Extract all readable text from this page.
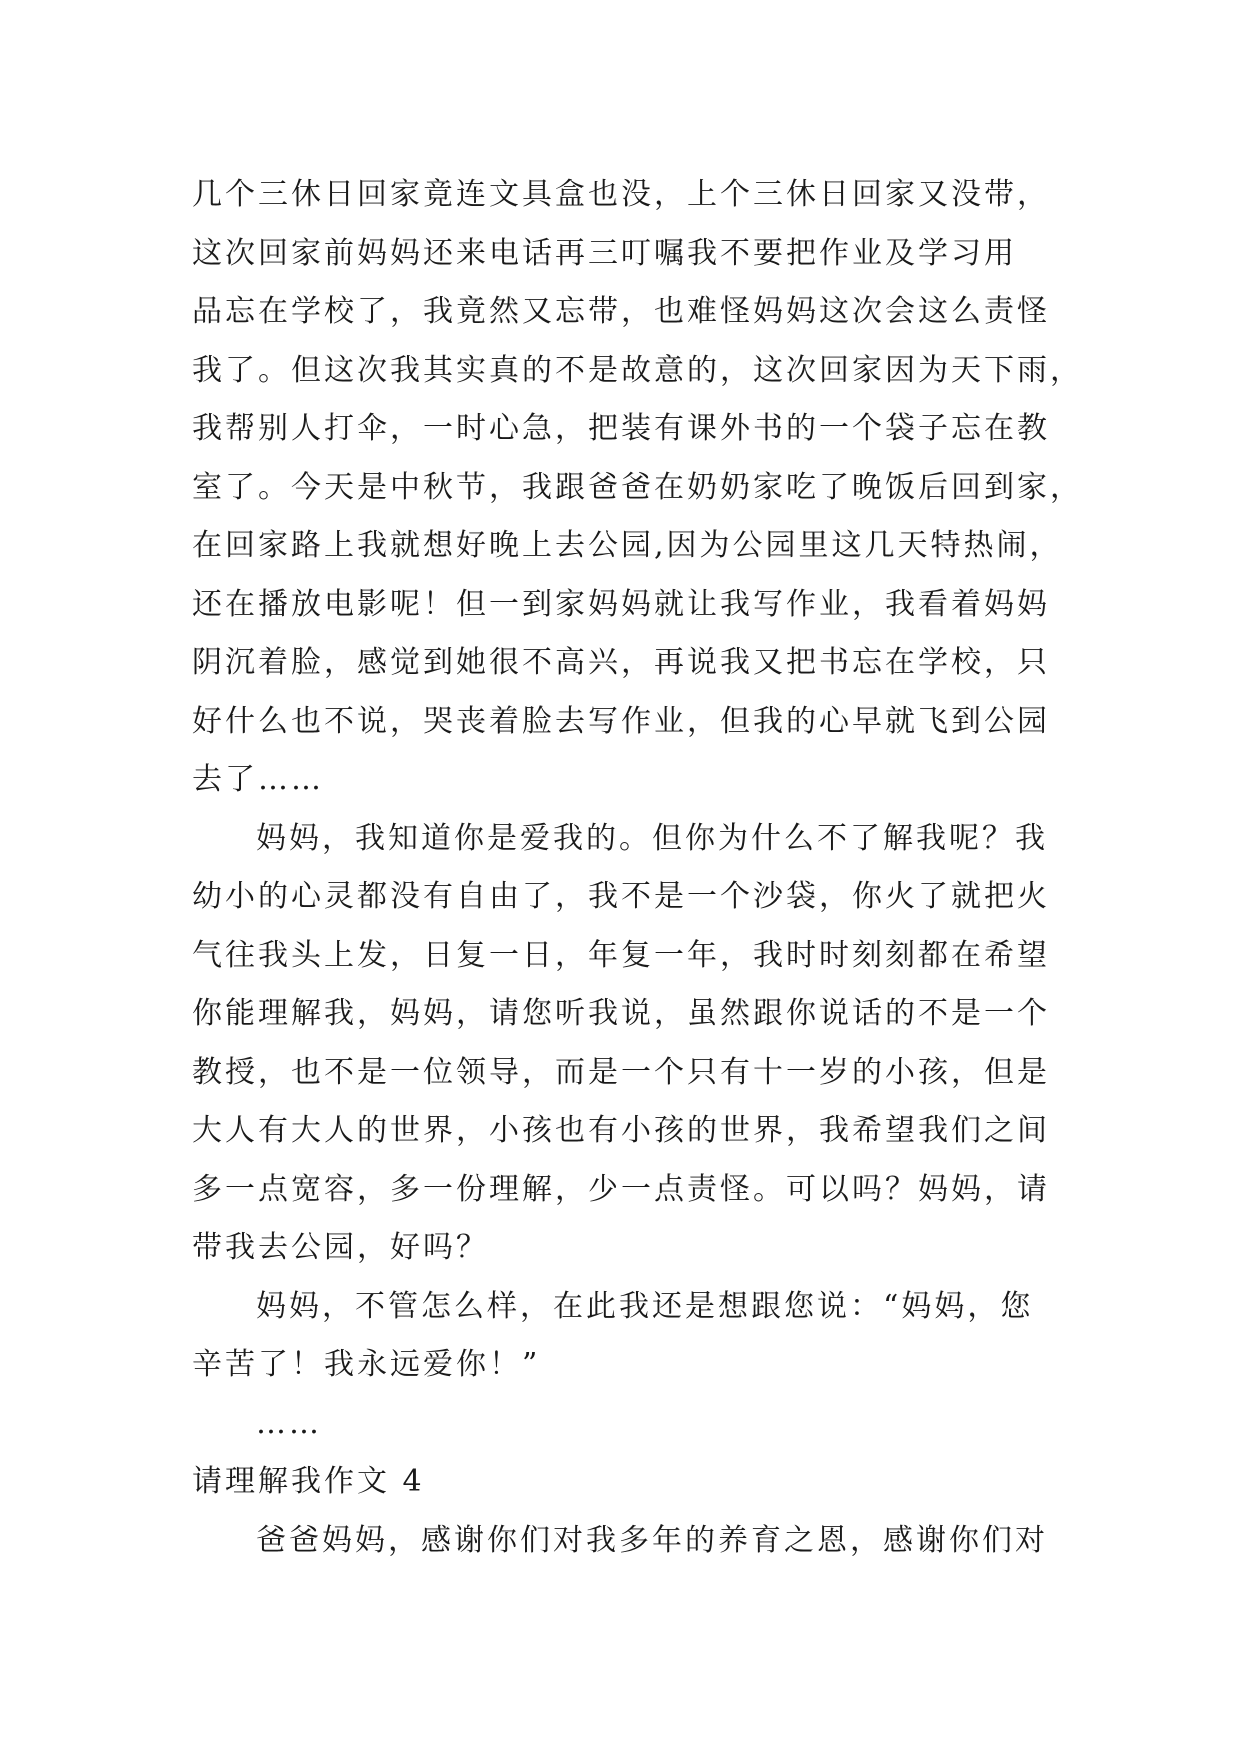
几个三休日回家竟连文具盒也没，上个三休日回家又没带，
这次回家前妈妈还来电话再三叮嘱我不要把作业及学习用
品忘在学校了，我竟然又忘带，也难怪妈妈这次会这么责怪
我了。但这次我其实真的不是故意的，这次回家因为天下雨，
我帮别人打伞，一时心急，把装有课外书的一个袋子忘在教
室了。今天是中秋节，我跟爸爸在奶奶家吃了晚饭后回到家，
在回家路上我就想好晚上去公园,因为公园里这几天特热闹，
还在播放电影呢！但一到家妈妈就让我写作业，我看着妈妈
阴沉着脸，感觉到她很不高兴，再说我又把书忘在学校，只
好什么也不说，哭丧着脸去写作业，但我的心早就飞到公园
去了……
妈妈，我知道你是爱我的。但你为什么不了解我呢？我
幼小的心灵都没有自由了，我不是一个沙袋，你火了就把火
气往我头上发，日复一日，年复一年，我时时刻刻都在希望
你能理解我，妈妈，请您听我说，虽然跟你说话的不是一个
教授，也不是一位领导，而是一个只有十一岁的小孩，但是
大人有大人的世界，小孩也有小孩的世界，我希望我们之间
多一点宽容，多一份理解，少一点责怪。可以吗？妈妈，请
带我去公园，好吗？
妈妈，不管怎么样，在此我还是想跟您说：“妈妈，您
辛苦了！我永远爱你！”
……
请理解我作文 4
爸爸妈妈，感谢你们对我多年的养育之恩，感谢你们对
